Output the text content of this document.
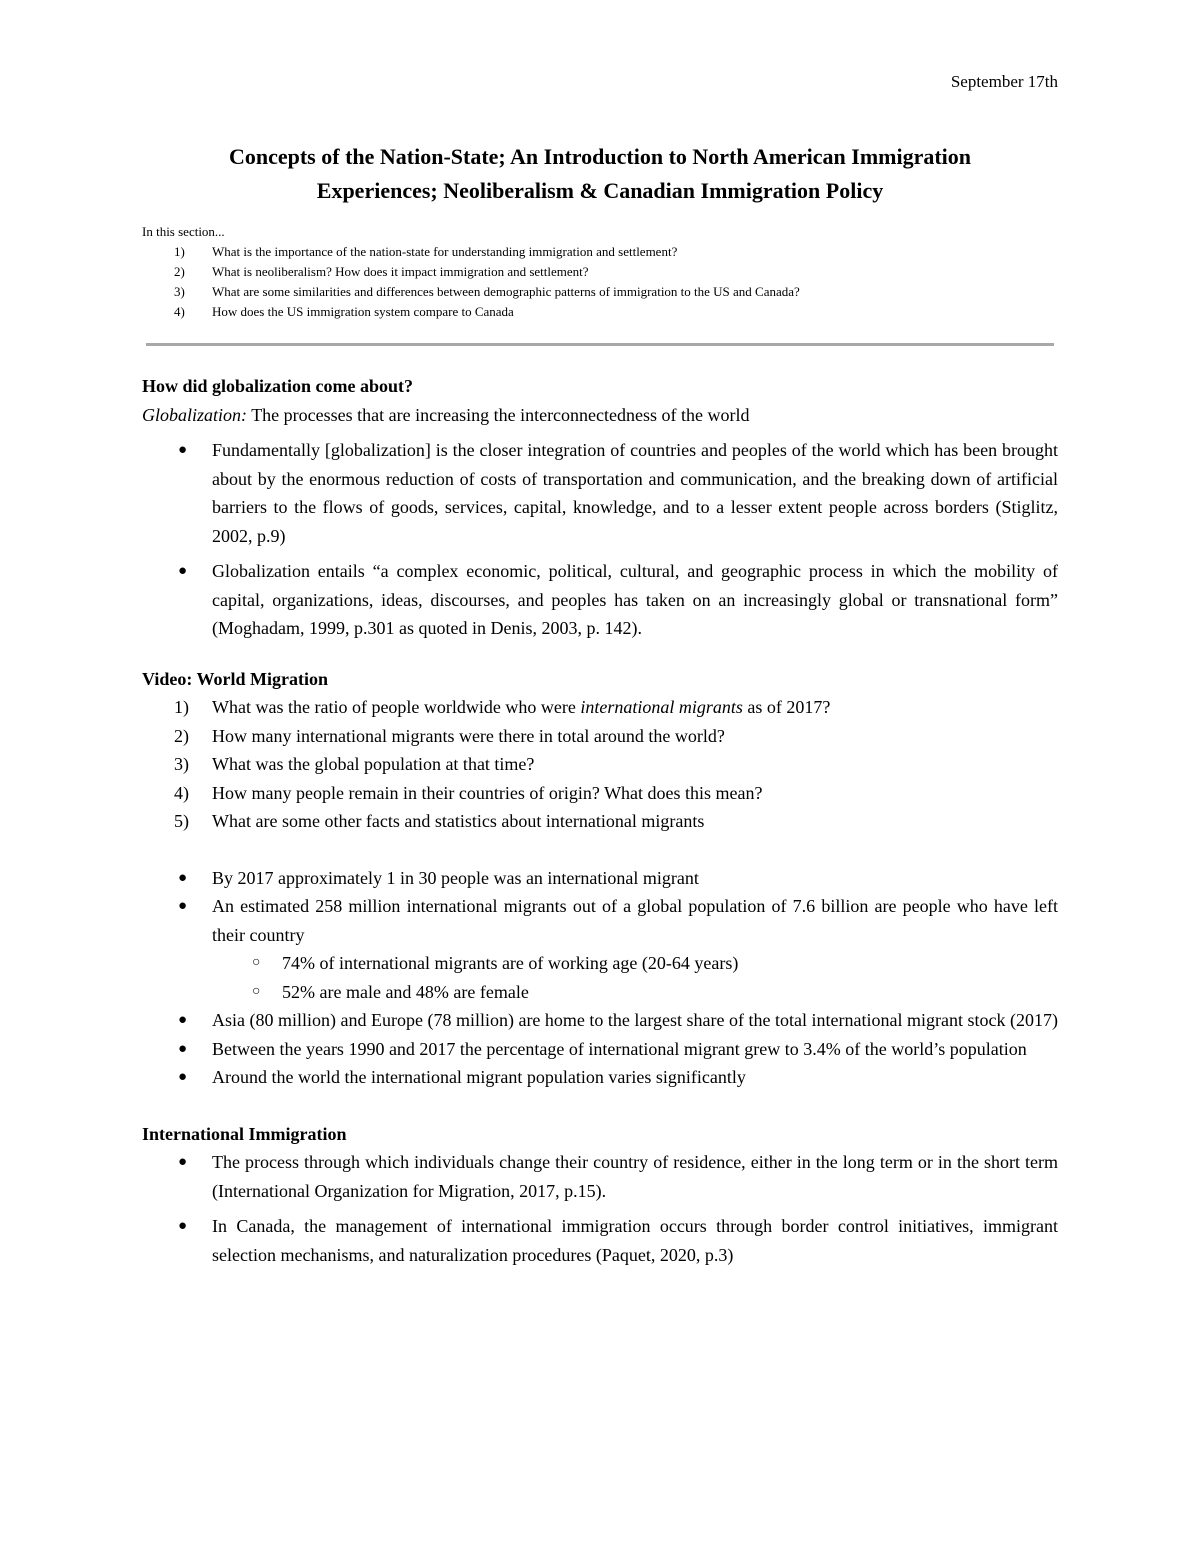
September 17th
Concepts of the Nation-State; An Introduction to North American Immigration
Experiences; Neoliberalism & Canadian Immigration Policy
In this section...
1)	What is the importance of the nation-state for understanding immigration and settlement?
2)	What is neoliberalism? How does it impact immigration and settlement?
3)	What are some similarities and differences between demographic patterns of immigration to the US and Canada?
4)	How does the US immigration system compare to Canada

How did globalization come about?

Globalization: The processes that are increasing the interconnectedness of the world

● Fundamentally [globalization] is the closer integration of countries and peoples of the world which has been brought about by the enormous reduction of costs of transportation and communication, and the breaking down of artificial barriers to the flows of goods, services, capital, knowledge, and to a lesser extent people across borders (Stiglitz, 2002, p.9)
● Globalization entails “a complex economic, political, cultural, and geographic process in which the mobility of capital, organizations, ideas, discourses, and peoples has taken on an increasingly global or transnational form” (Moghadam, 1999, p.301 as quoted in Denis, 2003, p. 142).

Video: World Migration

1)	What was the ratio of people worldwide who were international migrants as of 2017?
2)	How many international migrants were there in total around the world?
3)	What was the global population at that time?
4)	How many people remain in their countries of origin? What does this mean?
5)	What are some other facts and statistics about international migrants
● By 2017 approximately 1 in 30 people was an international migrant
● An estimated 258 million international migrants out of a global population of 7.6 billion are people who have left their country
○ 74% of international migrants are of working age (20-64 years)
○ 52% are male and 48% are female
● Asia (80 million) and Europe (78 million) are home to the largest share of the total international migrant stock (2017)
● Between the years 1990 and 2017 the percentage of international migrant grew to 3.4% of the world’s population
● Around the world the international migrant population varies significantly

International Immigration

● The process through which individuals change their country of residence, either in the long term or in the short term (International Organization for Migration, 2017, p.15).
● In Canada, the management of international immigration occurs through border control initiatives, immigrant selection mechanisms, and naturalization procedures (Paquet, 2020, p.3)
